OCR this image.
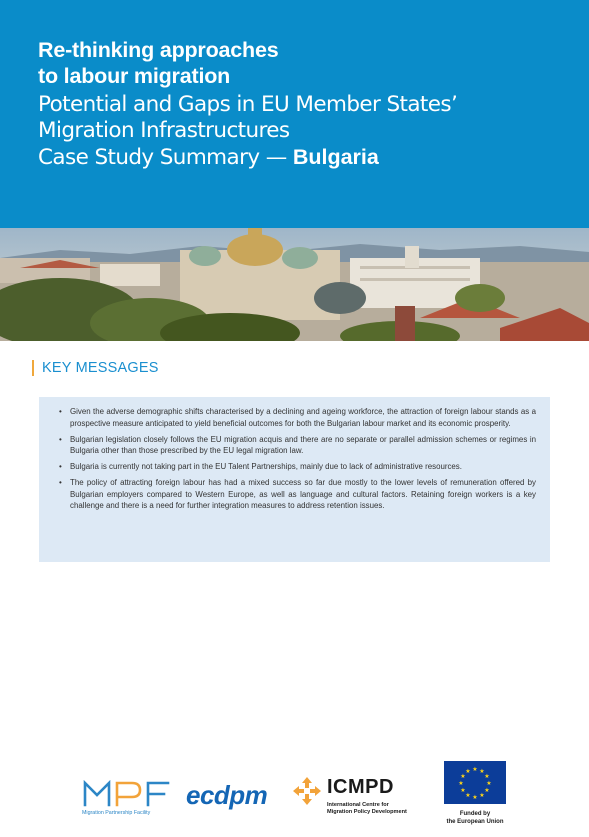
Re-thinking approaches
to labour migration
Potential and Gaps in EU Member States’
Migration Infrastructures
Case Study Summary — Bulgaria
KEY MESSAGES
• Given the adverse demographic shifts characterised by a declining and ageing workforce, the attraction of foreign labour stands as a prospective measure anticipated to yield beneficial outcomes for both the Bulgarian labour market and its economic prosperity.
• Bulgarian legislation closely follows the EU migration acquis and there are no separate or parallel admission schemes or regimes in Bulgaria other than those prescribed by the EU legal migration law.
• Bulgaria is currently not taking part in the EU Talent Partnerships, mainly due to lack of administrative resources.
• The policy of attracting foreign labour has had a mixed success so far due mostly to the lower levels of remuneration offered by Bulgarian employers compared to Western Europe, as well as language and cultural factors. Retaining foreign workers is a key challenge and there is a need for further integration measures to address retention issues.
Migration Partnership Facility
ecdpm	ICMPD
International Centre for
Migration Policy Development
★ ★
★
★
★
★
★
★
★
★
★
★
Funded by
the European Union
